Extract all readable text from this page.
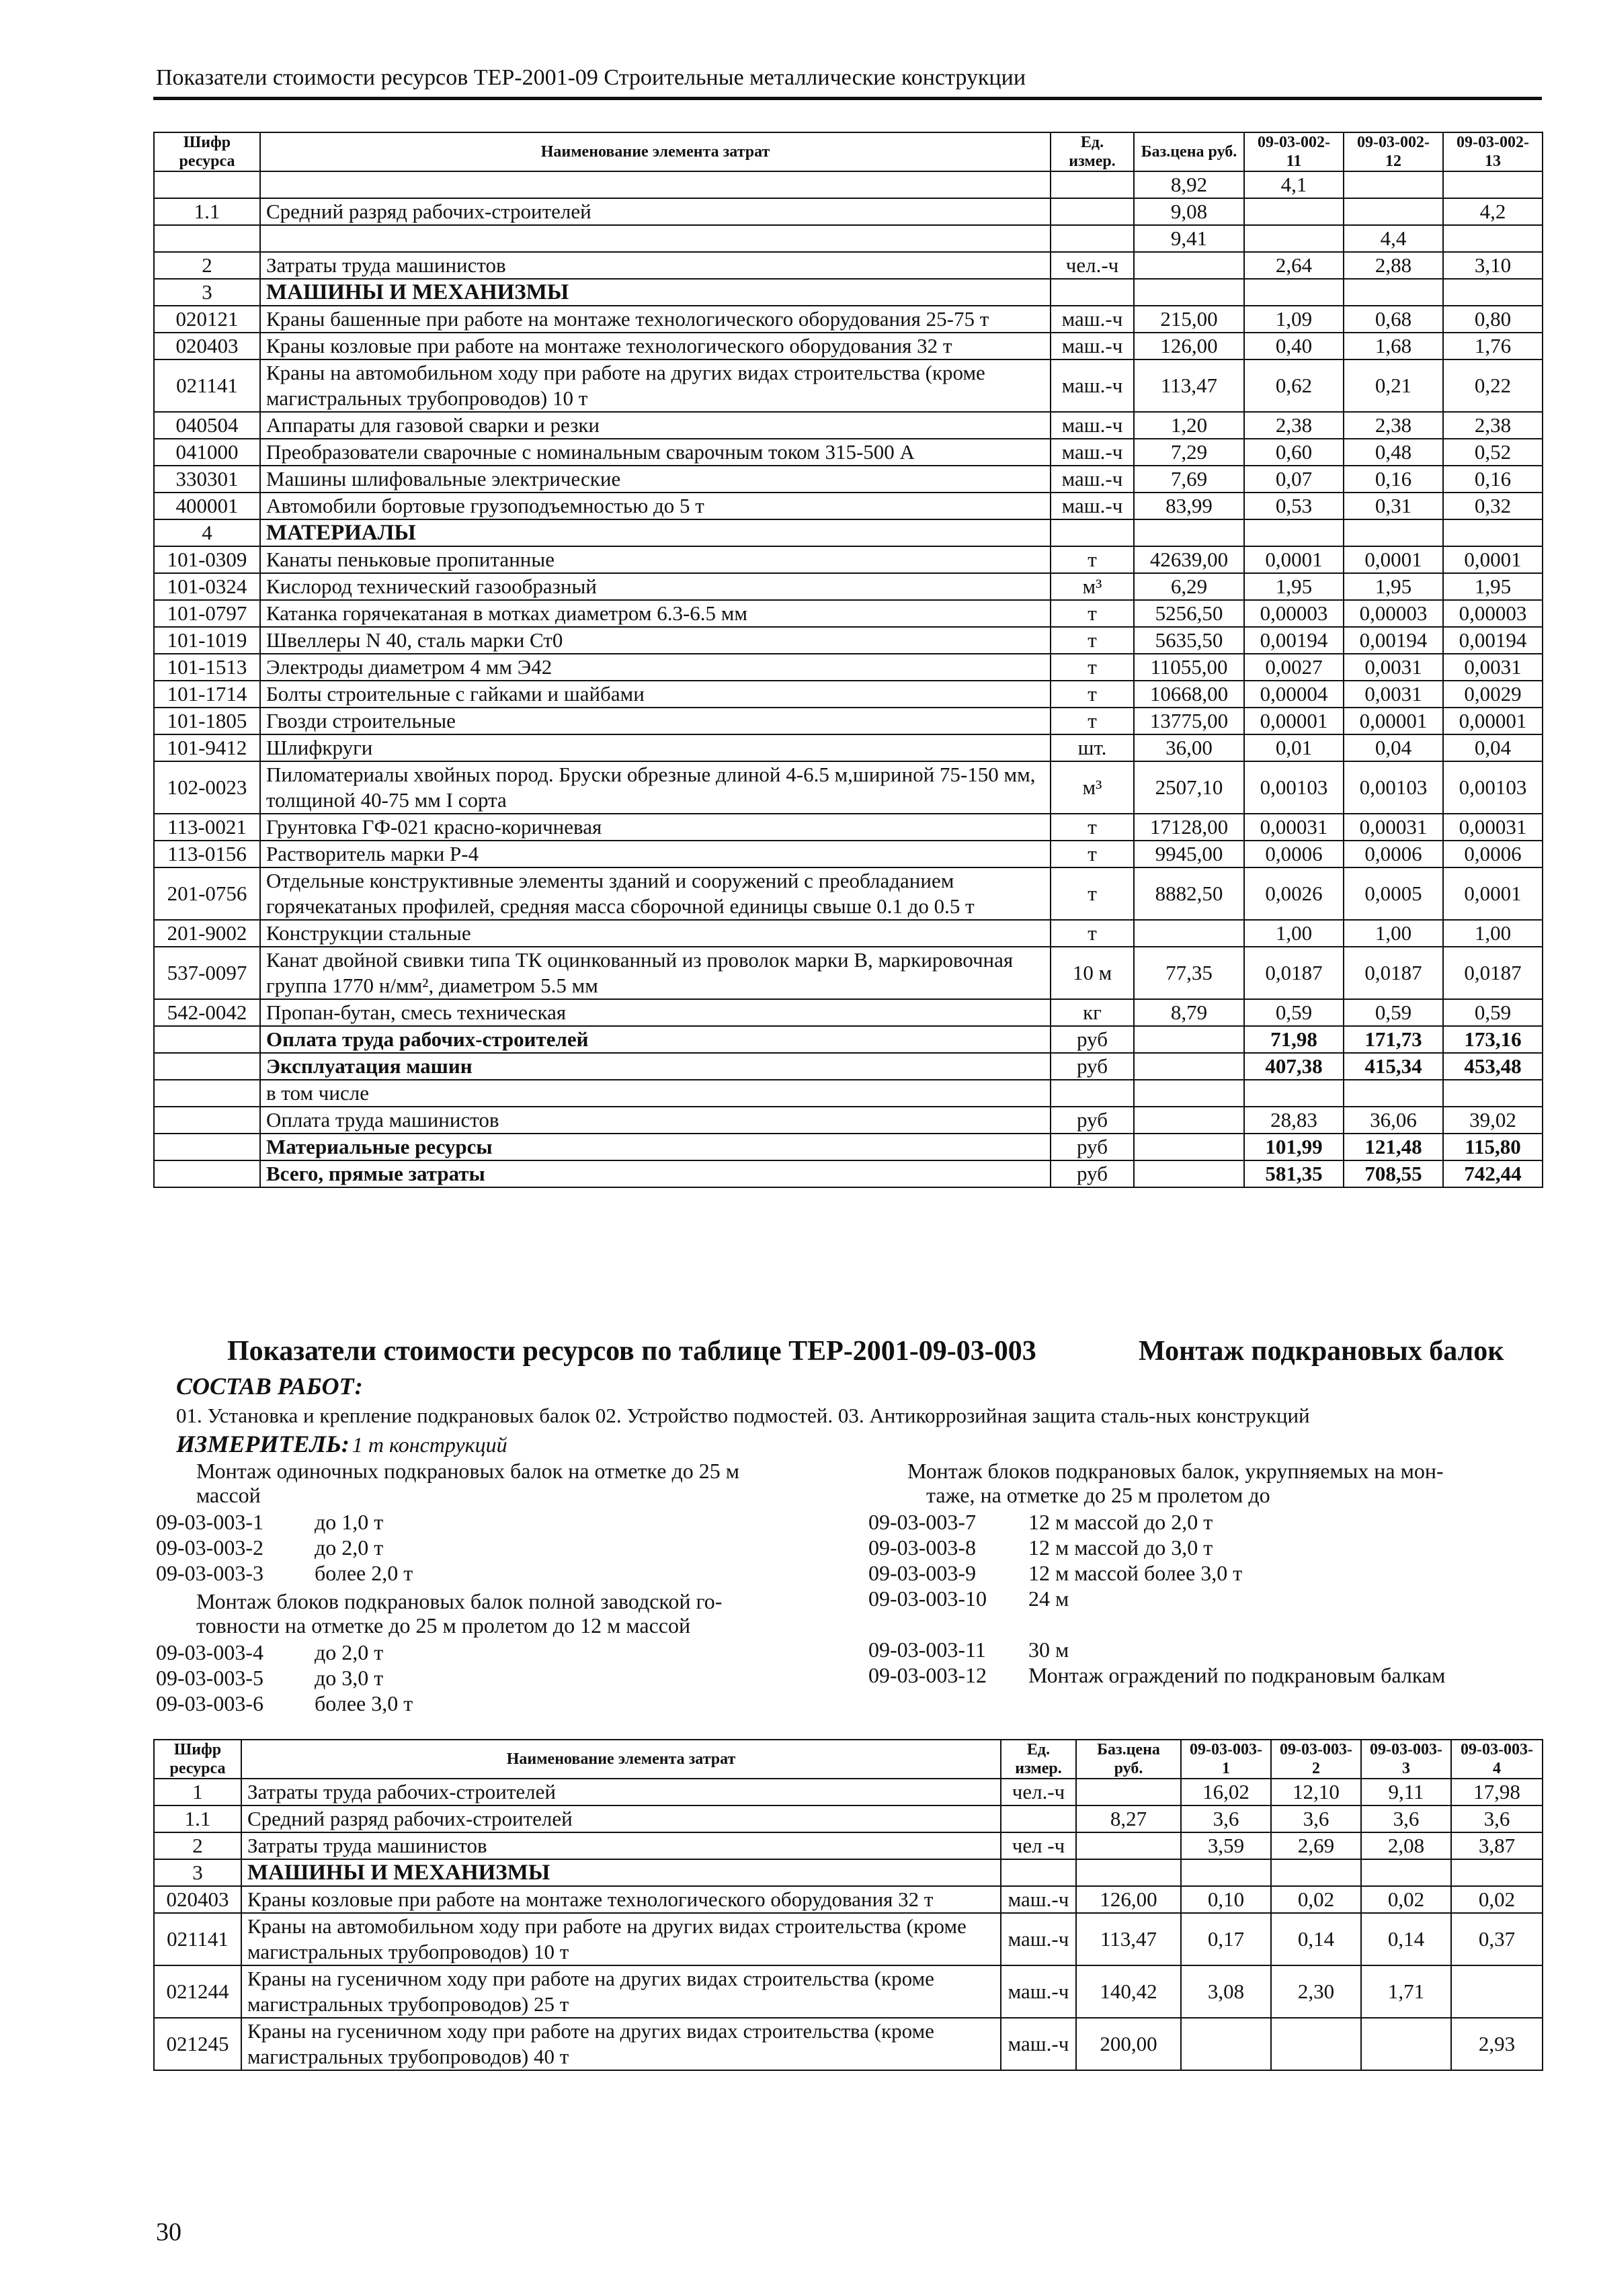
Показатели стоимости ресурсов ТЕР-2001-09 Строительные металлические конструкции
Шифр ресурса	Наименование элемента затрат	Ед. измер.	Баз.цена руб.	09-03-002-11	09-03-002-12	09-03-002-13
			8,92	4,1		
1.1	Средний разряд рабочих-строителей		9,08			4,2
			9,41		4,4	
2	Затраты труда машинистов	чел.-ч		2,64	2,88	3,10
3	МАШИНЫ И МЕХАНИЗМЫ					
020121	Краны башенные при работе на монтаже технологического оборудования 25-75 т	маш.-ч	215,00	1,09	0,68	0,80
020403	Краны козловые при работе на монтаже технологического оборудования 32 т	маш.-ч	126,00	0,40	1,68	1,76
021141	Краны на автомобильном ходу при работе на других видах строительства (кроме магистральных трубопроводов) 10 т	маш.-ч	113,47	0,62	0,21	0,22
040504	Аппараты для газовой сварки и резки	маш.-ч	1,20	2,38	2,38	2,38
041000	Преобразователи сварочные с номинальным сварочным током 315-500 А	маш.-ч	7,29	0,60	0,48	0,52
330301	Машины шлифовальные электрические	маш.-ч	7,69	0,07	0,16	0,16
400001	Автомобили бортовые грузоподъемностью до 5 т	маш.-ч	83,99	0,53	0,31	0,32
4	МАТЕРИАЛЫ					
101-0309	Канаты пеньковые пропитанные	т	42639,00	0,0001	0,0001	0,0001
101-0324	Кислород технический газообразный	м³	6,29	1,95	1,95	1,95
101-0797	Катанка горячекатаная в мотках диаметром 6.3-6.5 мм	т	5256,50	0,00003	0,00003	0,00003
101-1019	Швеллеры N 40, сталь марки Ст0	т	5635,50	0,00194	0,00194	0,00194
101-1513	Электроды диаметром 4 мм Э42	т	11055,00	0,0027	0,0031	0,0031
101-1714	Болты строительные с гайками и шайбами	т	10668,00	0,00004	0,0031	0,0029
101-1805	Гвозди строительные	т	13775,00	0,00001	0,00001	0,00001
101-9412	Шлифкруги	шт.	36,00	0,01	0,04	0,04
102-0023	Пиломатериалы хвойных пород. Бруски обрезные длиной 4-6.5 м,шириной 75-150 мм, толщиной 40-75 мм I сорта	м³	2507,10	0,00103	0,00103	0,00103
113-0021	Грунтовка ГФ-021 красно-коричневая	т	17128,00	0,00031	0,00031	0,00031
113-0156	Растворитель марки Р-4	т	9945,00	0,0006	0,0006	0,0006
201-0756	Отдельные конструктивные элементы зданий и сооружений с преобладанием горячекатаных профилей, средняя масса сборочной единицы свыше 0.1 до 0.5 т	т	8882,50	0,0026	0,0005	0,0001
201-9002	Конструкции стальные	т		1,00	1,00	1,00
537-0097	Канат двойной свивки типа ТК оцинкованный из проволок марки В, маркировочная группа 1770 н/мм², диаметром 5.5 мм	10 м	77,35	0,0187	0,0187	0,0187
542-0042	Пропан-бутан, смесь техническая	кг	8,79	0,59	0,59	0,59
	Оплата труда рабочих-строителей	руб		71,98	171,73	173,16
	Эксплуатация машин	руб		407,38	415,34	453,48
	в том числе					
	Оплата труда машинистов	руб		28,83	36,06	39,02
	Материальные ресурсы	руб		101,99	121,48	115,80
	Всего, прямые затраты	руб		581,35	708,55	742,44
Показатели стоимости ресурсов по таблице ТЕР-2001-09-03-003	Монтаж подкрановых балок
СОСТАВ РАБОТ:
01. Установка и крепление подкрановых балок 02. Устройство подмостей. 03. Антикоррозийная защита сталь-ных конструкций
ИЗМЕРИТЕЛЬ: 1 т конструкций
Монтаж одиночных подкрановых балок на отметке до 25 м
массой
09-03-003-1 до 1,0 т
09-03-003-2 до 2,0 т
09-03-003-3 более 2,0 т
Монтаж блоков подкрановых балок полной заводской го-
товности на отметке до 25 м пролетом до 12 м массой
09-03-003-4 до 2,0 т
09-03-003-5 до 3,0 т
09-03-003-6 более 3,0 т
Монтаж блоков подкрановых балок, укрупняемых на мон-
таже, на отметке до 25 м пролетом до
09-03-003-7 12 м массой до 2,0 т
09-03-003-8 12 м массой до 3,0 т
09-03-003-9 12 м массой более 3,0 т
09-03-003-10 24 м
09-03-003-11 30 м
09-03-003-12 Монтаж ограждений по подкрановым балкам
Шифр ресурса	Наименование элемента затрат	Ед. измер.	Баз.цена руб.	09-03-003-1	09-03-003-2	09-03-003-3	09-03-003-4
1	Затраты труда рабочих-строителей	чел.-ч		16,02	12,10	9,11	17,98
1.1	Средний разряд рабочих-строителей		8,27	3,6	3,6	3,6	3,6
2	Затраты труда машинистов	чел -ч		3,59	2,69	2,08	3,87
3	МАШИНЫ И МЕХАНИЗМЫ						
020403	Краны козловые при работе на монтаже технологического оборудования 32 т	маш.-ч	126,00	0,10	0,02	0,02	0,02
021141	Краны на автомобильном ходу при работе на других видах строительства (кроме магистральных трубопроводов) 10 т	маш.-ч	113,47	0,17	0,14	0,14	0,37
021244	Краны на гусеничном ходу при работе на других видах строительства (кроме магистральных трубопроводов) 25 т	маш.-ч	140,42	3,08	2,30	1,71	
021245	Краны на гусеничном ходу при работе на других видах строительства (кроме магистральных трубопроводов) 40 т	маш.-ч	200,00				2,93
30
